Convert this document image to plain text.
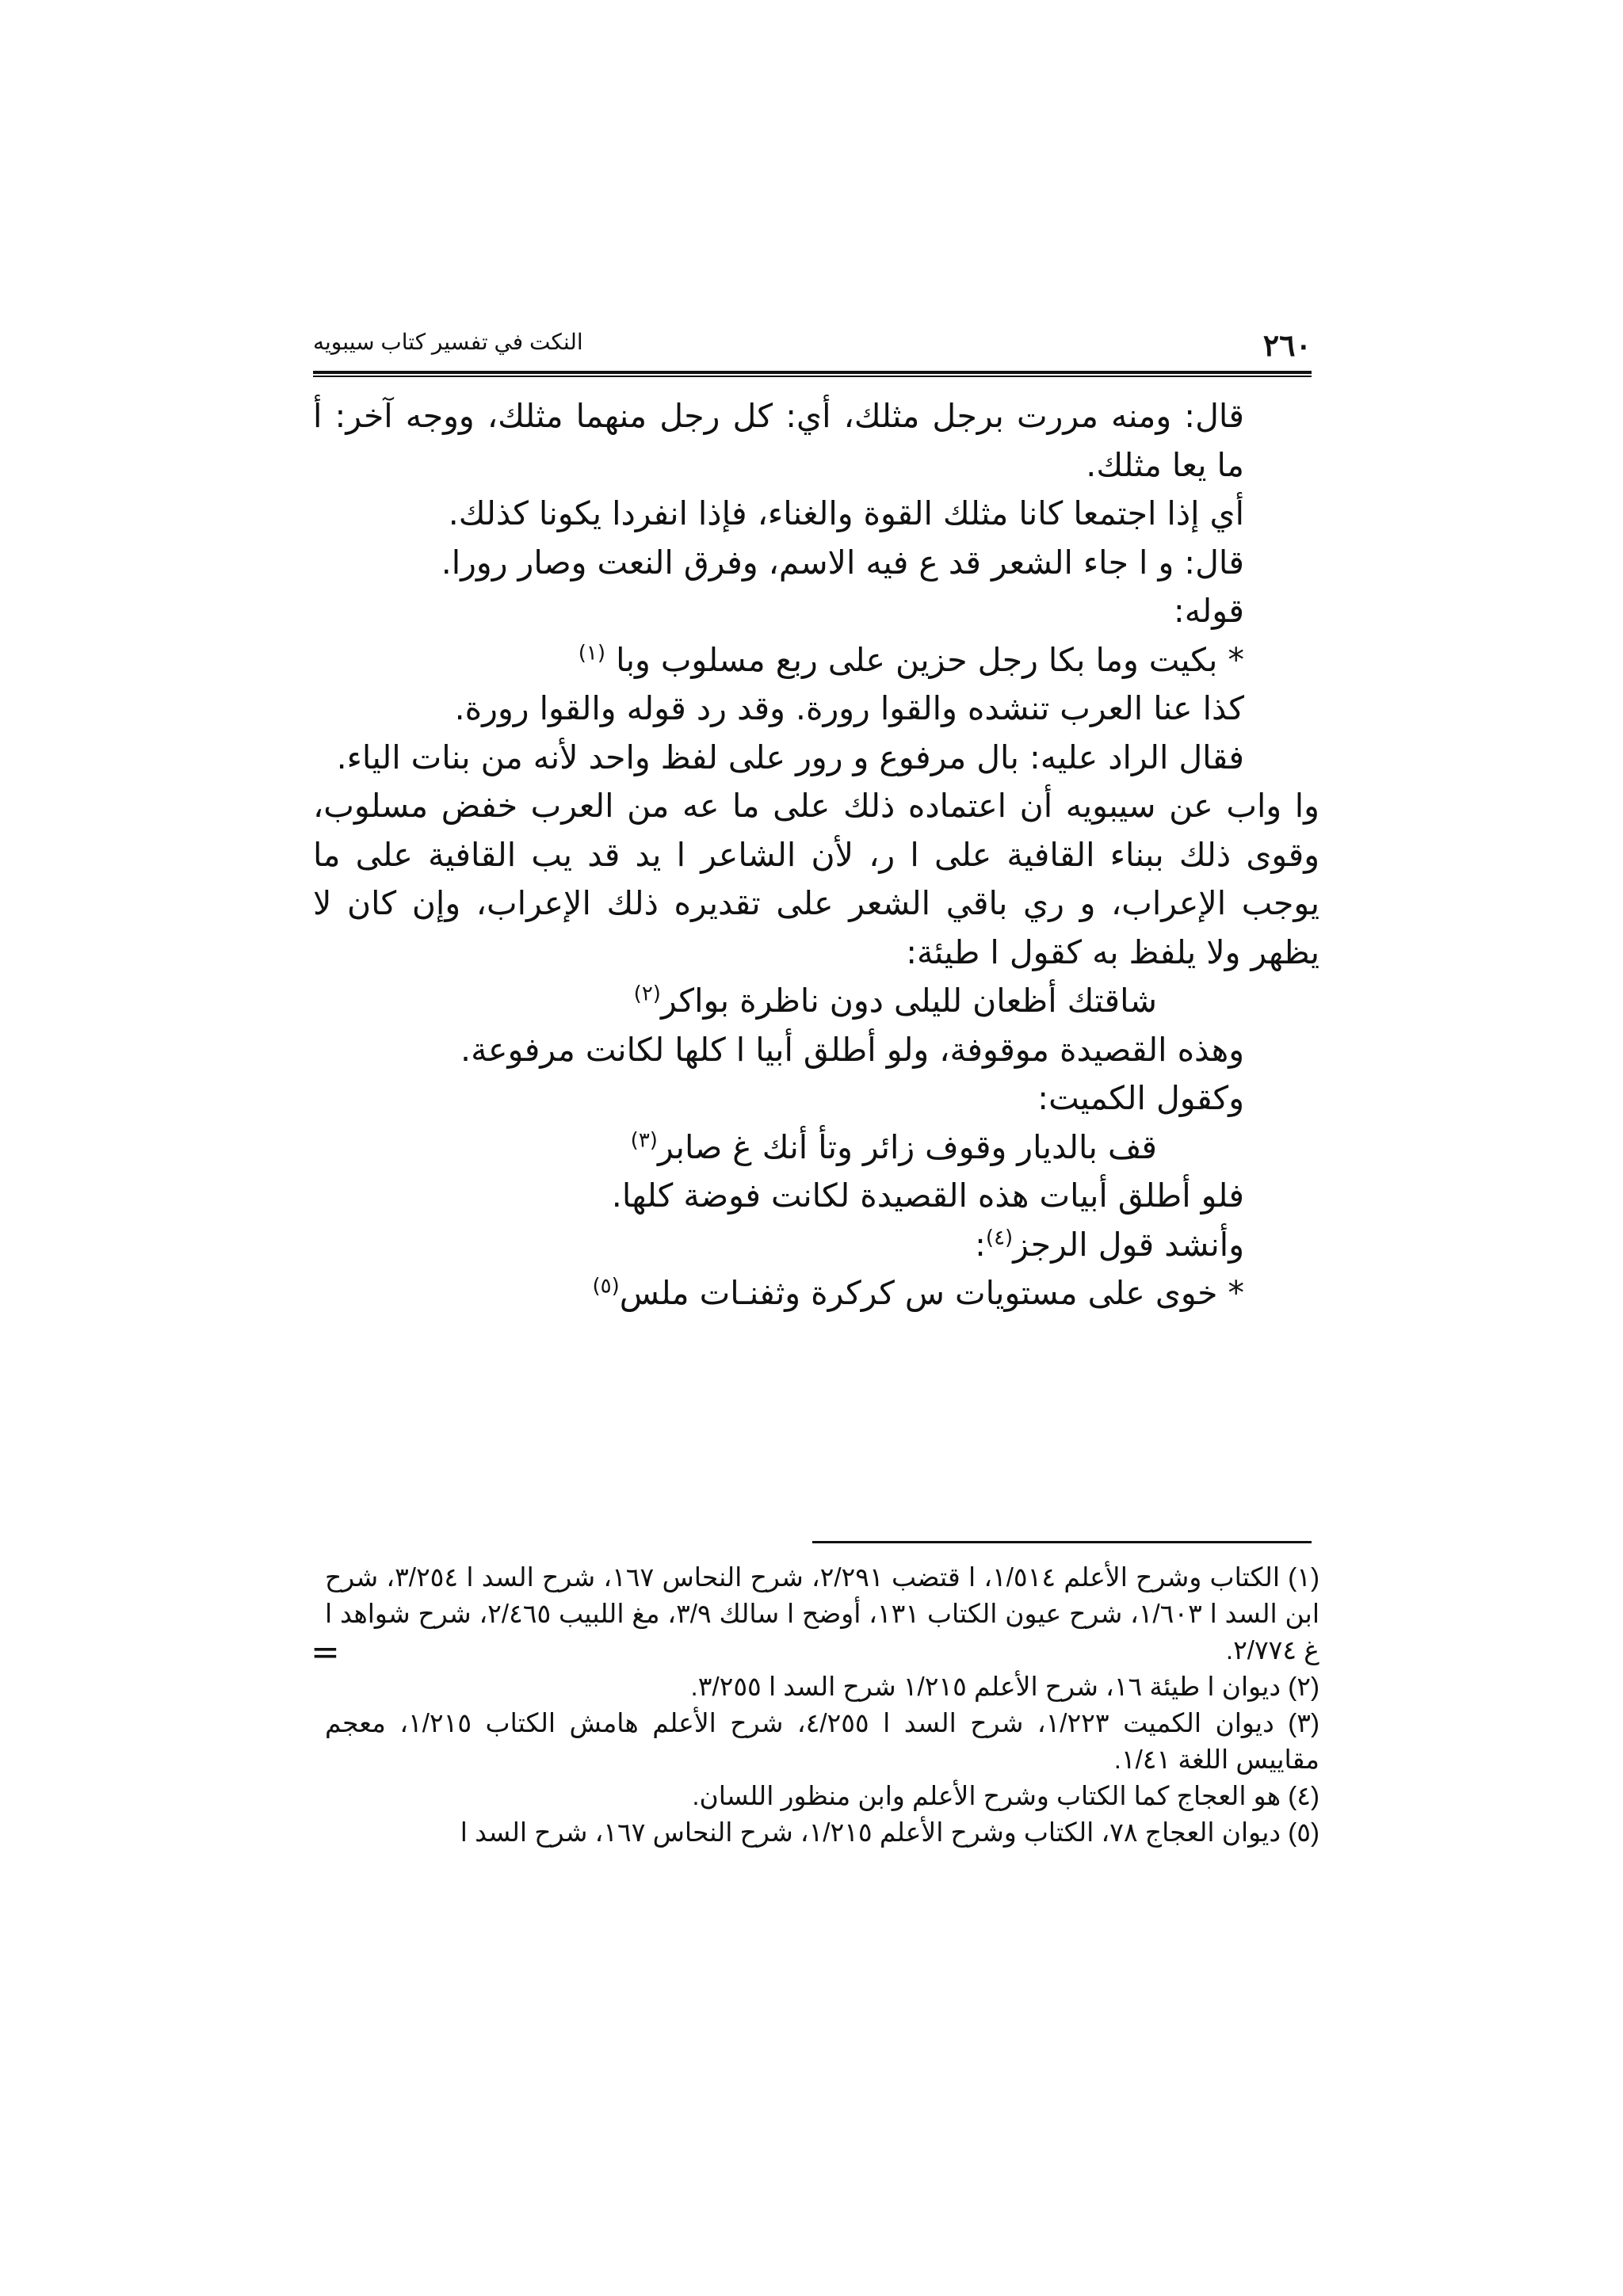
٢٦٠
النكت في تفسير كتاب سيبويه

قال: ومنه مررت برجل مثلك، أي: كل رجل منهما مثلك، ووجه آخر: أ ما يعا مثلك.

أي إذا اجتمعا كانا مثلك القوة والغناء، فإذا انفردا يكونا كذلك.

قال: و ا جاء الشعر قد ع فيه الاسم، وفرق النعت وصار رورا.

قوله:

* بكيت وما بكا رجل حزين على ربع مسلوب وبا $^{(١)}$

كذا عنا العرب تنشده والقوا رورة. وقد رد قوله والقوا رورة.

فقال الراد عليه: بال مرفوع و رور على لفظ واحد لأنه من بنات الياء.

وا واب عن سيبويه أن اعتماده ذلك على ما عه من العرب خفض مسلوب، وقوى ذلك ببناء القافية على ا ر، لأن الشاعر ا يد قد يب القافية على ما يوجب الإعراب، و ري باقي الشعر على تقديره ذلك الإعراب، وإن كان لا يظهر ولا يلفظ به كقول ا طيئة:

شاقتك أظعان لليلى دون ناظرة بواكر$^{(٢)}$

وهذه القصيدة موقوفة، ولو أطلق أبيا ا كلها لكانت مرفوعة.

وكقول الكميت:

قف بالديار وقوف زائر وتأ أنك غ صابر$^{(٣)}$

فلو أطلق أبيات هذه القصيدة لكانت فوضة كلها.

وأنشد قول الرجز$^{(٤)}$:

* خوى على مستويات س كركرة وثفنـات ملس$^{(٥)}$

(١) الكتاب وشرح الأعلم ١/٥١٤، ا قتضب ٢/٢٩١، شرح النحاس ١٦٧، شرح السد ا ٣/٢٥٤، شرح ابن السد ا ١/٦٠٣، شرح عيون الكتاب ١٣١، أوضح ا سالك ٣/٩، مغ اللبيب ٢/٤٦٥، شرح شواهد ا غ ٢/٧٧٤.

(٢) ديوان ا طيئة ١٦، شرح الأعلم ١/٢١٥ شرح السد ا ٣/٢٥٥.

(٣) ديوان الكميت ١/٢٢٣، شرح السد ا ٤/٢٥٥، شرح الأعلم هامش الكتاب ١/٢١٥، معجم مقاييس اللغة ١/٤١.

(٤) هو العجاج كما الكتاب وشرح الأعلم وابن منظور اللسان.

(٥) ديوان العجاج ٧٨، الكتاب وشرح الأعلم ١/٢١٥، شرح النحاس ١٦٧، شرح السد ا

=
